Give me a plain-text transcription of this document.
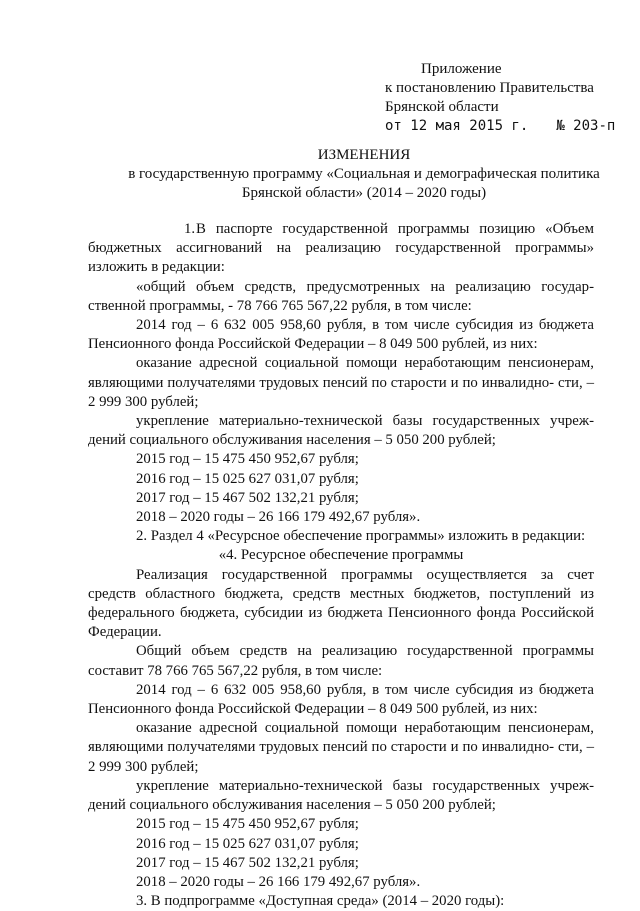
Приложение
к постановлению Правительства
Брянской области
от 12 мая 2015 г. № 203-п
ИЗМЕНЕНИЯ
в государственную программу «Социальная и демографическая политика
Брянской области» (2014 – 2020 годы)

1.В паспорте государственной программы позицию «Объем бюджетных ассигнований на реализацию государственной программы» изложить в редакции:

«общий объем средств, предусмотренных на реализацию государ- ственной программы, - 78 766 765 567,22 рубля, в том числе:

2014 год – 6 632 005 958,60 рубля, в том числе субсидия из бюджета Пенсионного фонда Российской Федерации – 8 049 500 рублей, из них:

оказание адресной социальной помощи неработающим пенсионерам, являющими получателями трудовых пенсий по старости и по инвалидно- сти, – 2 999 300 рублей;

укрепление материально-технической базы государственных учреж- дений социального обслуживания населения – 5 050 200 рублей;

2015 год – 15 475 450 952,67 рубля;

2016 год – 15 025 627 031,07 рубля;

2017 год – 15 467 502 132,21 рубля;

2018 – 2020 годы – 26 166 179 492,67 рубля».

2. Раздел 4 «Ресурсное обеспечение программы» изложить в редакции:

«4. Ресурсное обеспечение программы

Реализация государственной программы осуществляется за счет средств областного бюджета, средств местных бюджетов, поступлений из федерального бюджета, субсидии из бюджета Пенсионного фонда Российской Федерации.

Общий объем средств на реализацию государственной программы составит 78 766 765 567,22 рубля, в том числе:

2014 год – 6 632 005 958,60 рубля, в том числе субсидия из бюджета Пенсионного фонда Российской Федерации – 8 049 500 рублей, из них:

оказание адресной социальной помощи неработающим пенсионерам, являющими получателями трудовых пенсий по старости и по инвалидно- сти, – 2 999 300 рублей;

укрепление материально-технической базы государственных учреж- дений социального обслуживания населения – 5 050 200 рублей;

2015 год – 15 475 450 952,67 рубля;

2016 год – 15 025 627 031,07 рубля;

2017 год – 15 467 502 132,21 рубля;

2018 – 2020 годы – 26 166 179 492,67 рубля».

3. В подпрограмме «Доступная среда» (2014 – 2020 годы):
